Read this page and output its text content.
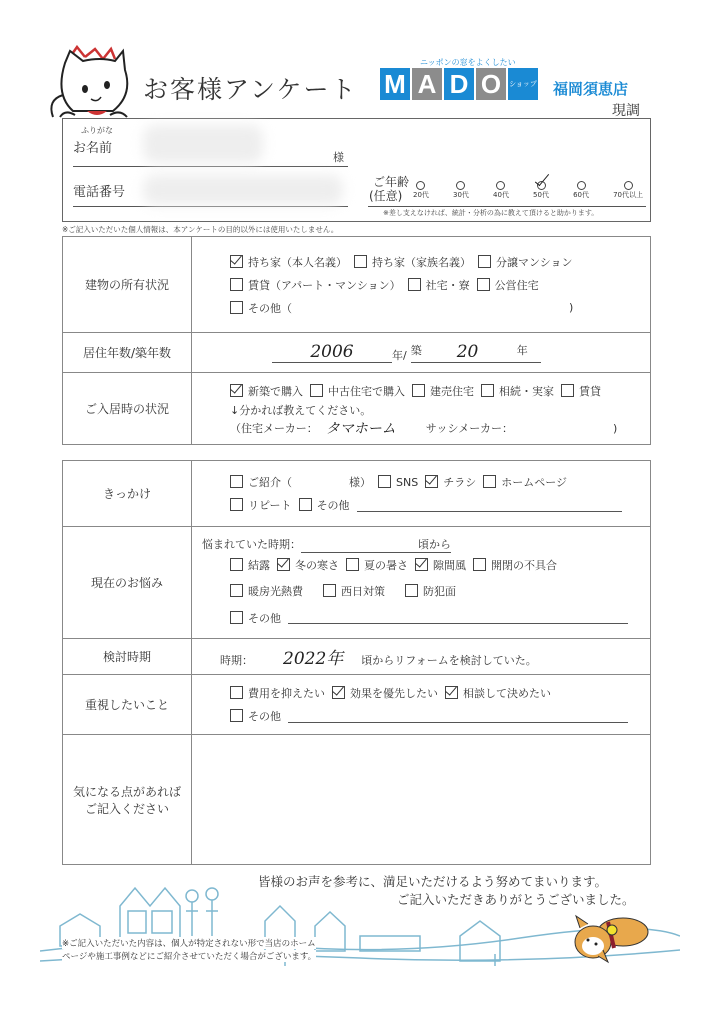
お客様アンケート
ニッポンの窓をよくしたい
M A D O	ショップ 福岡須恵店
現調
ふりがな
お名前
様
電話番号
ご年齢
(任意) 20代	30代	40代	50代	60代	70代以上
※差し支えなければ、統計・分析の為に教えて頂けると助かります。
※ご記入いただいた個人情報は、本アンケートの目的以外には使用いたしません。
建物の所有状況	
持ち家（本人名義）	持ち家（家族名義）	分譲マンション
賃貸（アパート・マンション）	社宅・寮	公営住宅
その他（	)

居住年数/築年数	2006 年/ 築 20 年

ご入居時の状況	
新築で購入	中古住宅で購入	建売住宅	相続・実家	賃貸
↓分かれば教えてください。
（住宅メーカー： タマホーム	サッシメーカー：	)
きっかけ	
ご紹介（	様）	SNS	チラシ	ホームページ
リピート	その他

現在のお悩み	
悩まれていた時期：	頃から
結露	冬の寒さ	夏の暑さ	隙間風	開閉の不具合
暖房光熱費	西日対策	防犯面
その他

検討時期	時期： 2022年 頃からリフォームを検討していた。
重視したいこと	費用を抑えたい 効果を優先したい 相談して決めたい
その他

気になる点があれば
ご記入ください	

皆様のお声を参考に、満足いただけるよう努めてまいります。
ご記入いただきありがとうございました。
※ご記入いただいた内容は、個人が特定されない形で当店のホーム
ページや施工事例などにご紹介させていただく場合がございます。
